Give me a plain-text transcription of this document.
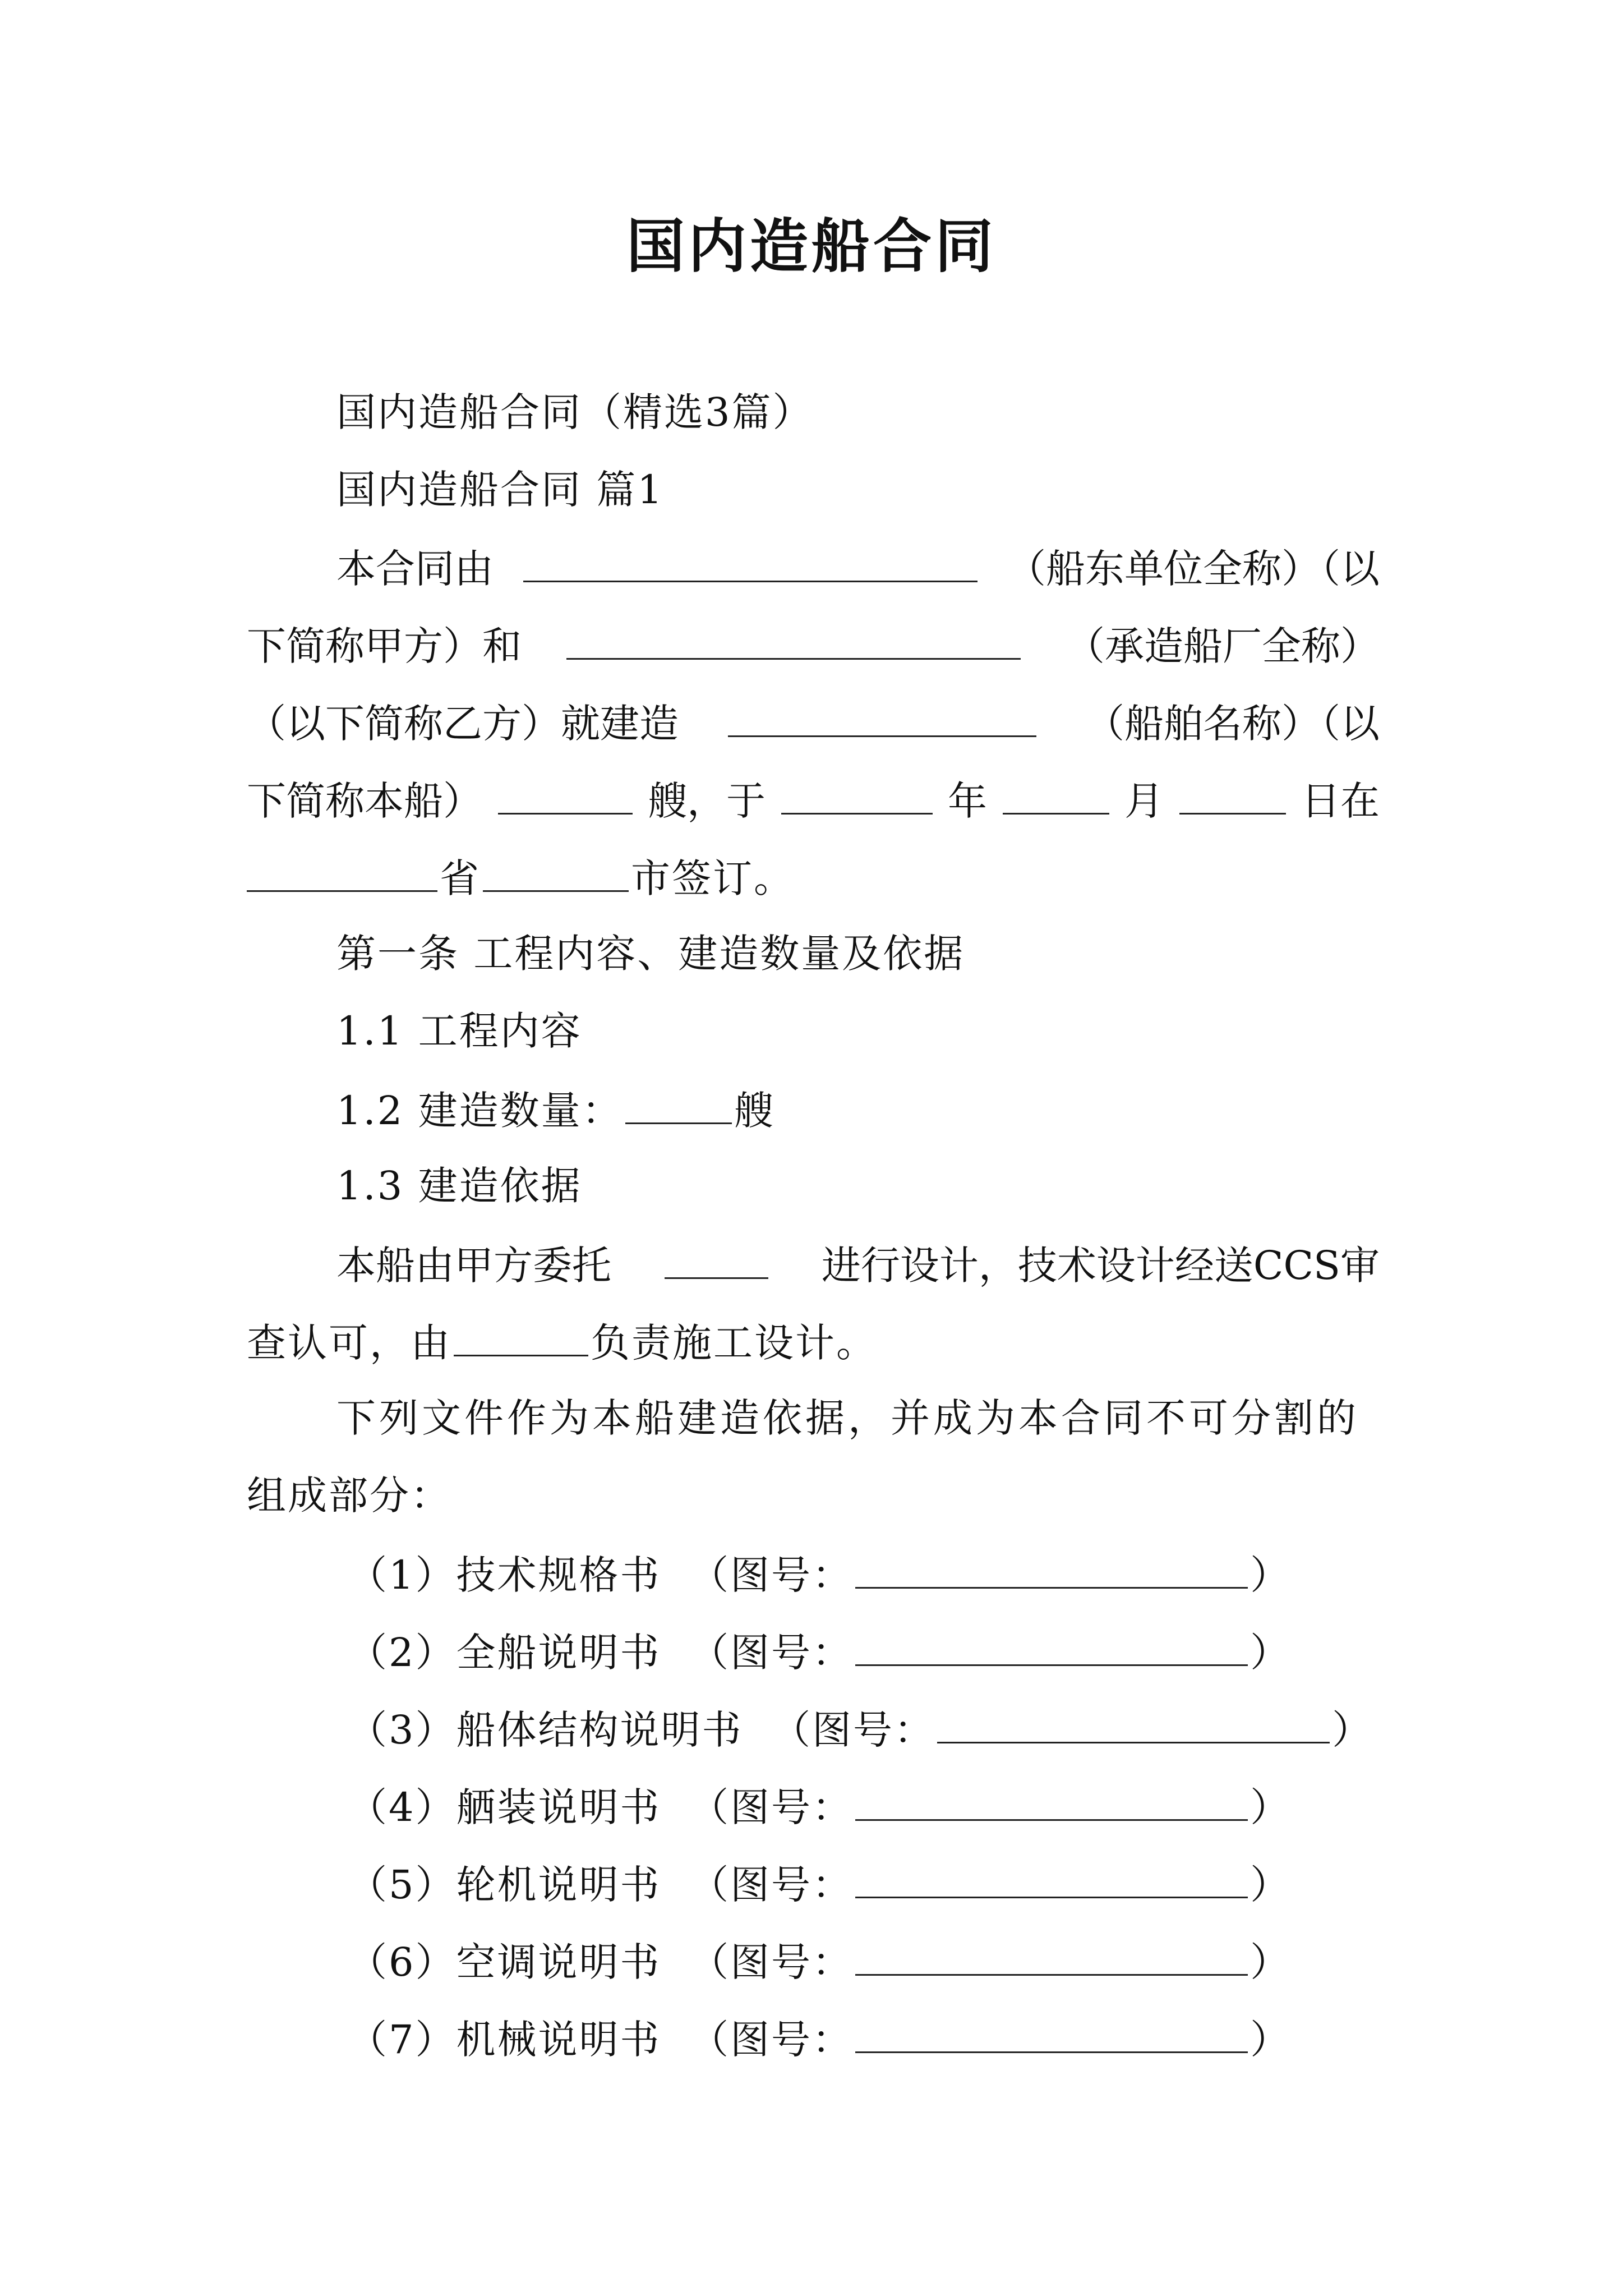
国内造船合同
国内造船合同（精选3篇）
国内造船合同 篇1
本合同由	（船东单位全称）（以
下简称甲方）和	（承造船厂全称）
（以下简称乙方）就建造	（船舶名称）（以
下简称本船）	艘，于	年	月	日在
省	市签订。
第一条 工程内容、建造数量及依据
1.1 工程内容
1.2 建造数量：	艘
1.3 建造依据
本船由甲方委托	进行设计，技术设计经送CCS审
查认可，由	负责施工设计。
下列文件作为本船建造依据，并成为本合同不可分割的
组成部分：
（1）技术规格书 （图号：	）
（2）全船说明书 （图号：	）
（3）船体结构说明书 （图号：	）
（4）舾装说明书 （图号：	）
（5）轮机说明书 （图号：	）
（6）空调说明书 （图号：	）
（7）机械说明书 （图号：	）
